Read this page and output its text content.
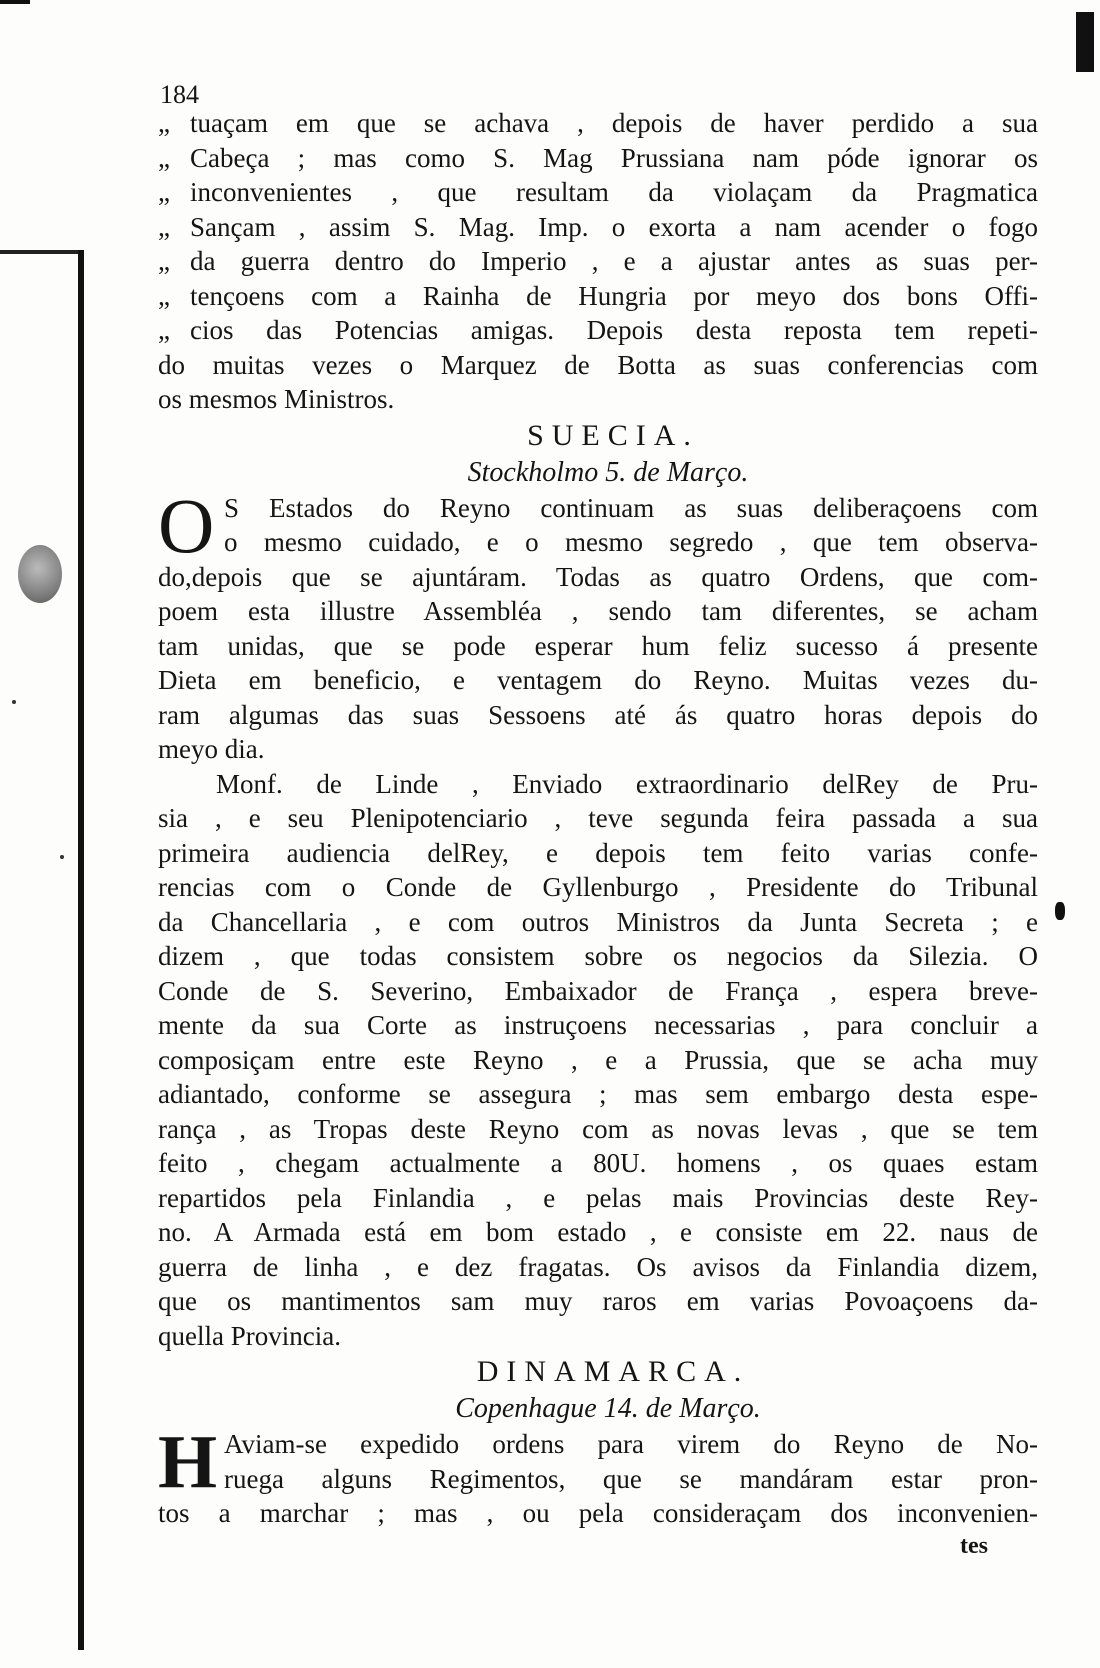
184
„ tuaçam em que se achava , depois de haver perdido a sua
„ Cabeça ; mas como S. Mag Prussiana nam póde ignorar os
„ inconvenientes , que resultam da violaçam da Pragmatica
„ Sançam , assim S. Mag. Imp. o exorta a nam acender o fogo
„ da guerra dentro do Imperio , e a ajustar antes as suas per-
„ tençoens com a Rainha de Hungria por meyo dos bons Offi-
„ cios das Potencias amigas. Depois desta reposta tem repeti-
do muitas vezes o Marquez de Botta as suas conferencias com
os mesmos Ministros.
SUECIA.
Stockholmo 5. de Março.
O S Estados do Reyno continuam as suas deliberaçoens com
o mesmo cuidado, e o mesmo segredo , que tem observa-
do,depois que se ajuntáram. Todas as quatro Ordens, que com-
poem esta illustre Assembléa , sendo tam diferentes, se acham
tam unidas, que se pode esperar hum feliz sucesso á presente
Dieta em beneficio, e ventagem do Reyno. Muitas vezes du-
ram algumas das suas Sessoens até ás quatro horas depois do
meyo dia.
Monf. de Linde , Enviado extraordinario delRey de Pru-
sia , e seu Plenipotenciario , teve segunda feira passada a sua
primeira audiencia delRey, e depois tem feito varias confe-
rencias com o Conde de Gyllenburgo , Presidente do Tribunal
da Chancellaria , e com outros Ministros da Junta Secreta ; e
dizem , que todas consistem sobre os negocios da Silezia. O
Conde de S. Severino, Embaixador de França , espera breve-
mente da sua Corte as instruçoens necessarias , para concluir a
composiçam entre este Reyno , e a Prussia, que se acha muy
adiantado, conforme se assegura ; mas sem embargo desta espe-
rança , as Tropas deste Reyno com as novas levas , que se tem
feito , chegam actualmente a 80U. homens , os quaes estam
repartidos pela Finlandia , e pelas mais Provincias deste Rey-
no. A Armada está em bom estado , e consiste em 22. naus de
guerra de linha , e dez fragatas. Os avisos da Finlandia dizem,
que os mantimentos sam muy raros em varias Povoaçoens da-
quella Provincia.
DINAMARCA.
Copenhague 14. de Março.
H Aviam-se expedido ordens para virem do Reyno de No-
ruega alguns Regimentos, que se mandáram estar pron-
tos a marchar ; mas , ou pela consideraçam dos inconvenien-
tes
